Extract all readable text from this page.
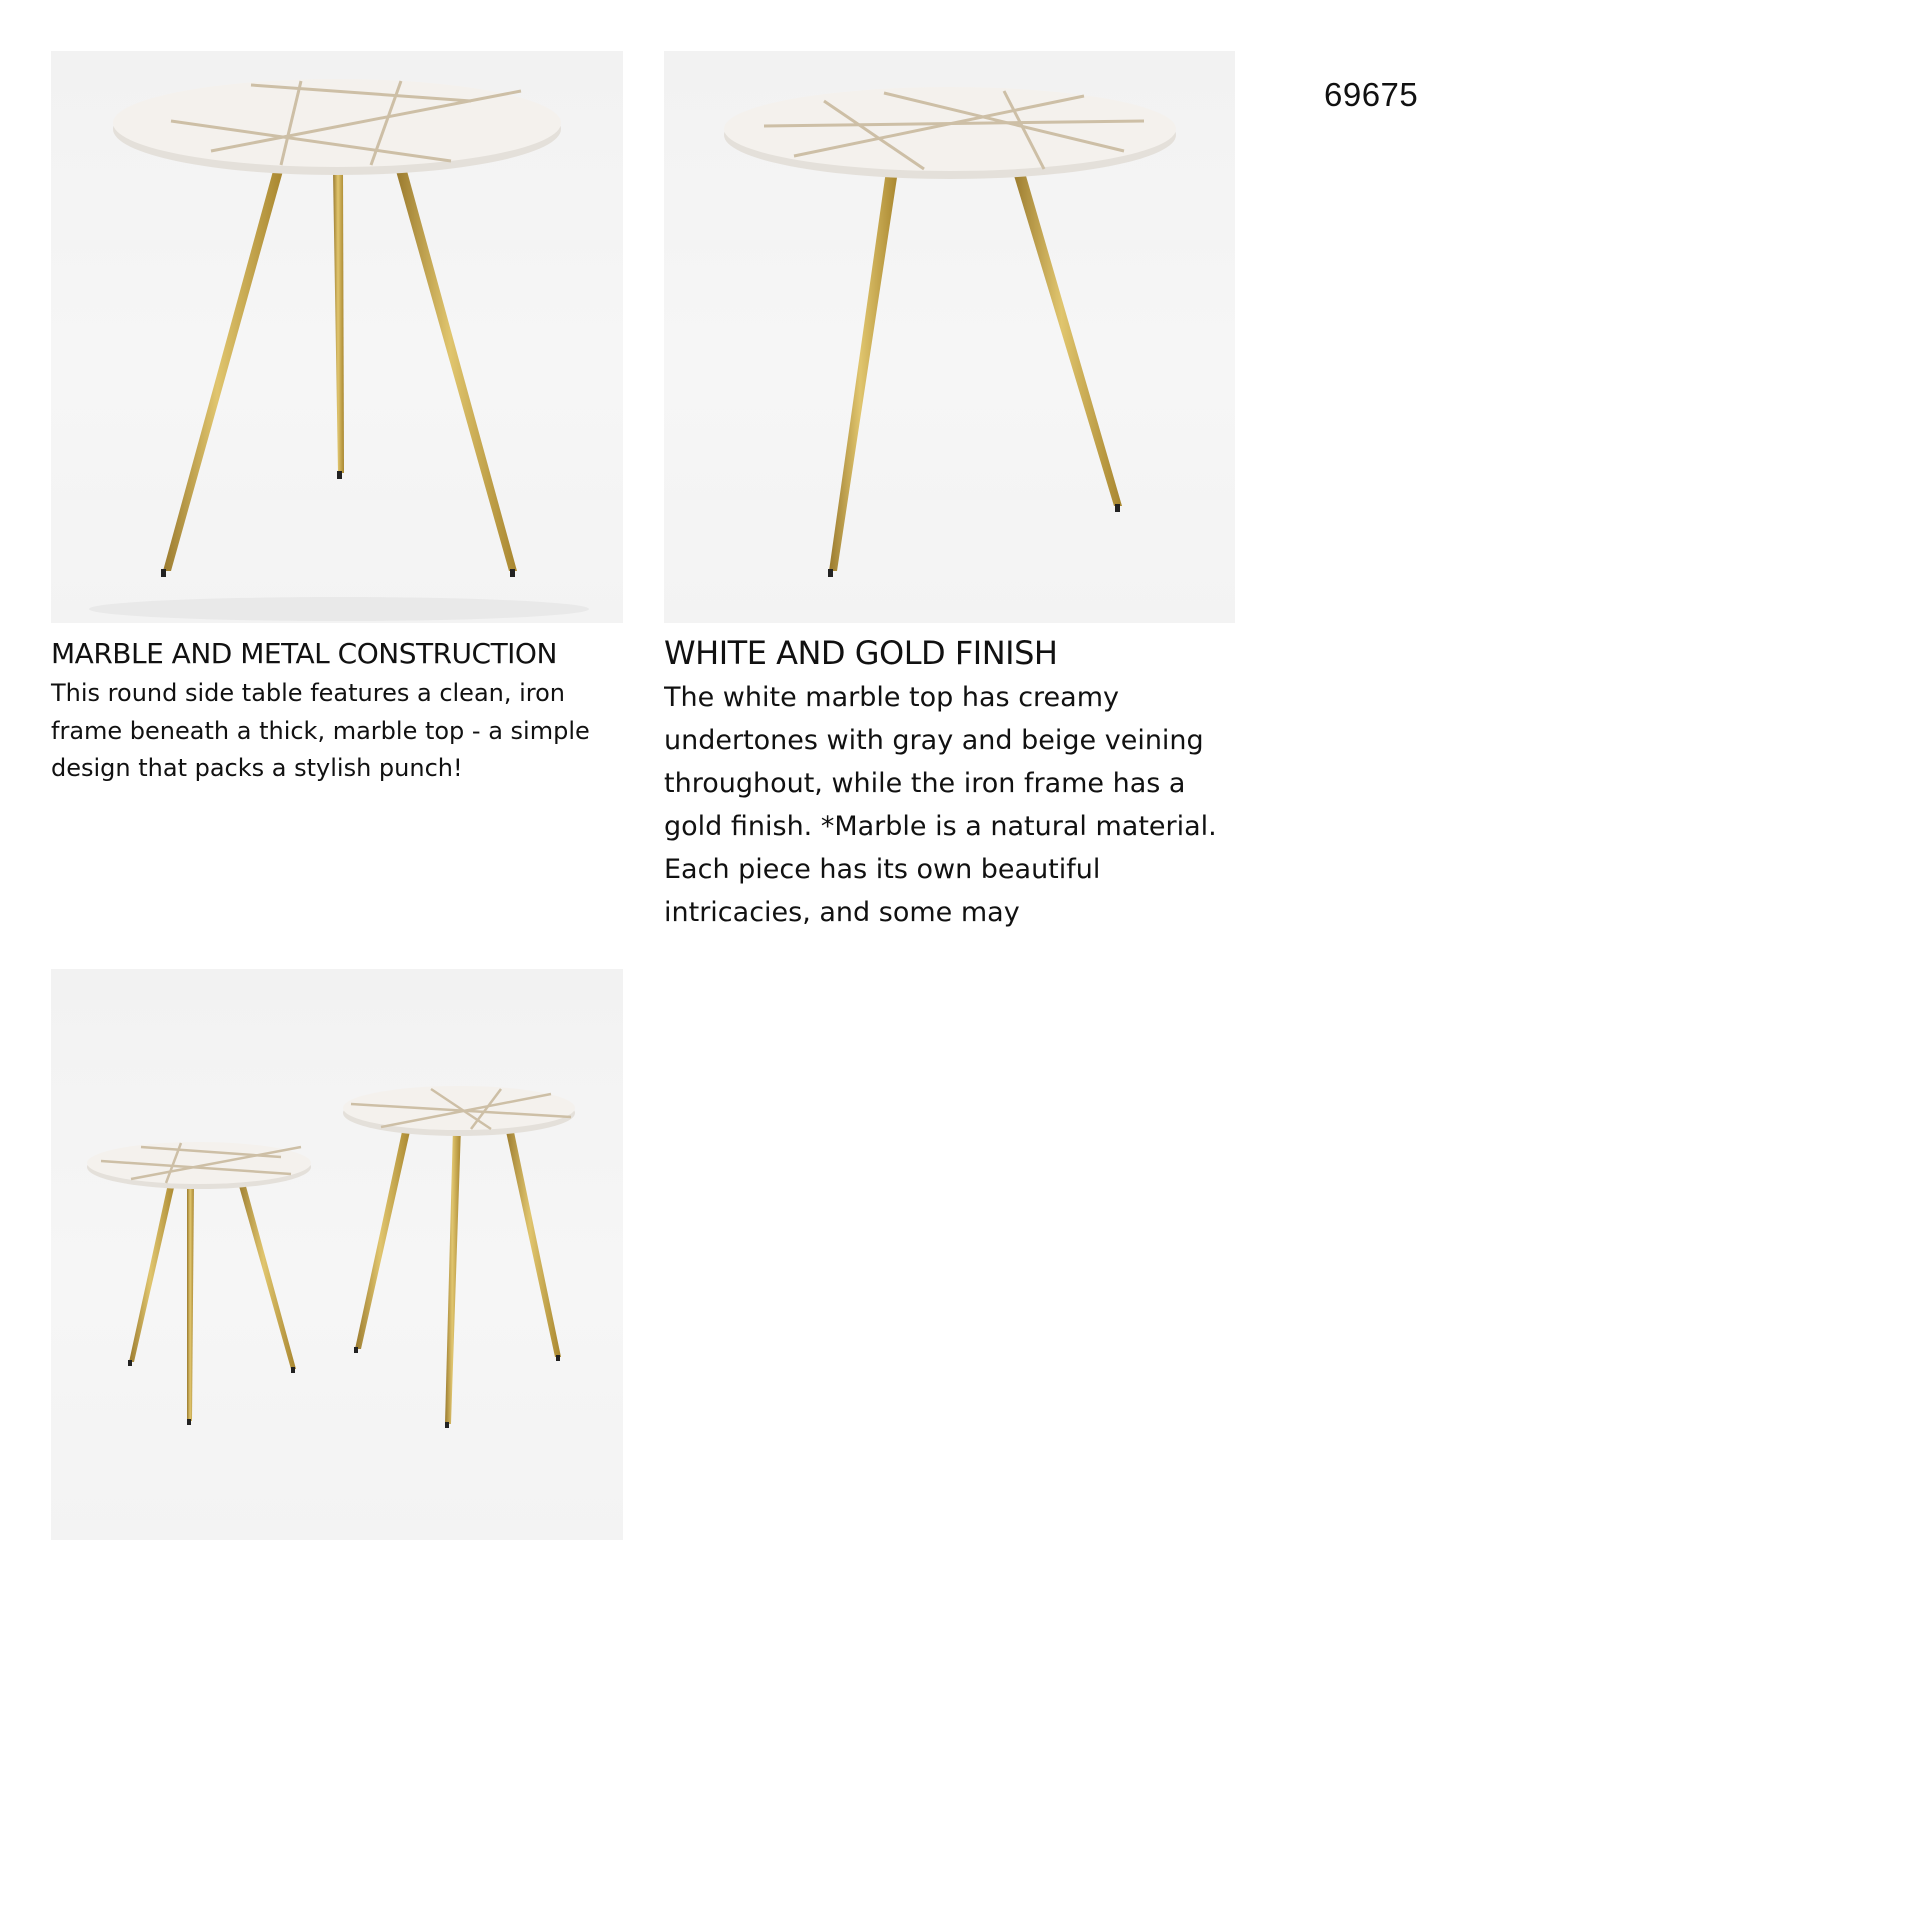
69675
MARBLE AND METAL CONSTRUCTION

This round side table features a clean, iron frame beneath a thick, marble top - a simple design that packs a stylish punch!

WHITE AND GOLD FINISH

The white marble top has creamy undertones with gray and beige veining throughout, while the iron frame has a gold finish. *Marble is a natural material. Each piece has its own beautiful intricacies, and some may
